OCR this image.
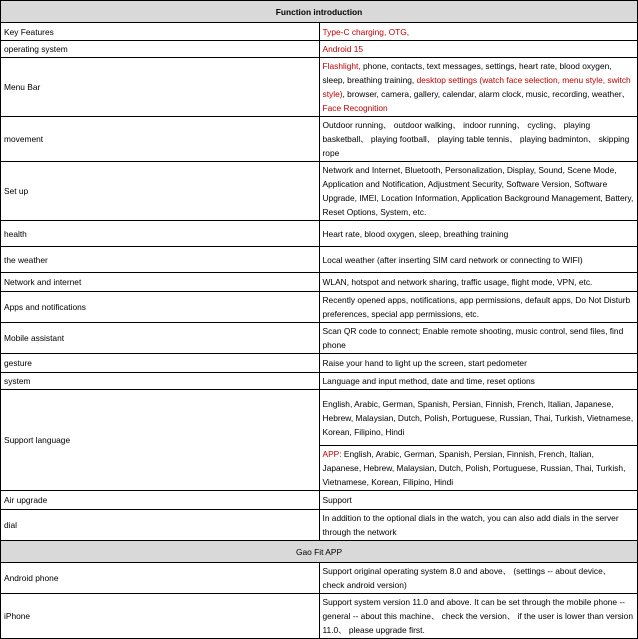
Function introduction	
Key Features	Type-C charging, OTG,
operating system	Android 15
Menu Bar	Flashlight, phone, contacts, text messages, settings, heart rate, blood oxygen, sleep, breathing training, desktop settings (watch face selection, menu style, switch style), browser, camera, gallery, calendar, alarm clock, music, recording, weather、Face Recognition
movement	Outdoor running、 outdoor walking、 indoor running、 cycling、 playing basketball、 playing football、 playing table tennis、 playing badminton、 skipping rope
Set up	Network and Internet, Bluetooth, Personalization, Display, Sound, Scene Mode, Application and Notification, Adjustment Security, Software Version, Software Upgrade, IMEI, Location Information, Application Background Management, Battery, Reset Options, System, etc.
health	Heart rate, blood oxygen, sleep, breathing training
the weather	Local weather (after inserting SIM card network or connecting to WIFI)
Network and internet	WLAN, hotspot and network sharing, traffic usage, flight mode, VPN, etc.
Apps and notifications	Recently opened apps, notifications, app permissions, default apps, Do Not Disturb preferences, special app permissions, etc.
Mobile assistant	Scan QR code to connect; Enable remote shooting, music control, send files, find phone
gesture	Raise your hand to light up the screen, start pedometer
system	Language and input method, date and time, reset options
Support language	English, Arabic, German, Spanish, Persian, Finnish, French, Italian, Japanese, Hebrew, Malaysian, Dutch, Polish, Portuguese, Russian, Thai, Turkish, Vietnamese, Korean, Filipino, Hindi
	APP: English, Arabic, German, Spanish, Persian, Finnish, French, Italian, Japanese, Hebrew, Malaysian, Dutch, Polish, Portuguese, Russian, Thai, Turkish, Vietnamese, Korean, Filipino, Hindi
Air upgrade	Support
dial	In addition to the optional dials in the watch, you can also add dials in the server through the network
Gao Fit APP	
Android phone	Support original operating system 8.0 and above、 (settings -- about device、 check android version)
iPhone	Support system version 11.0 and above. It can be set through the mobile phone -- general -- about this machine、 check the version、 if the user is lower than version 11.0、 please upgrade first.
